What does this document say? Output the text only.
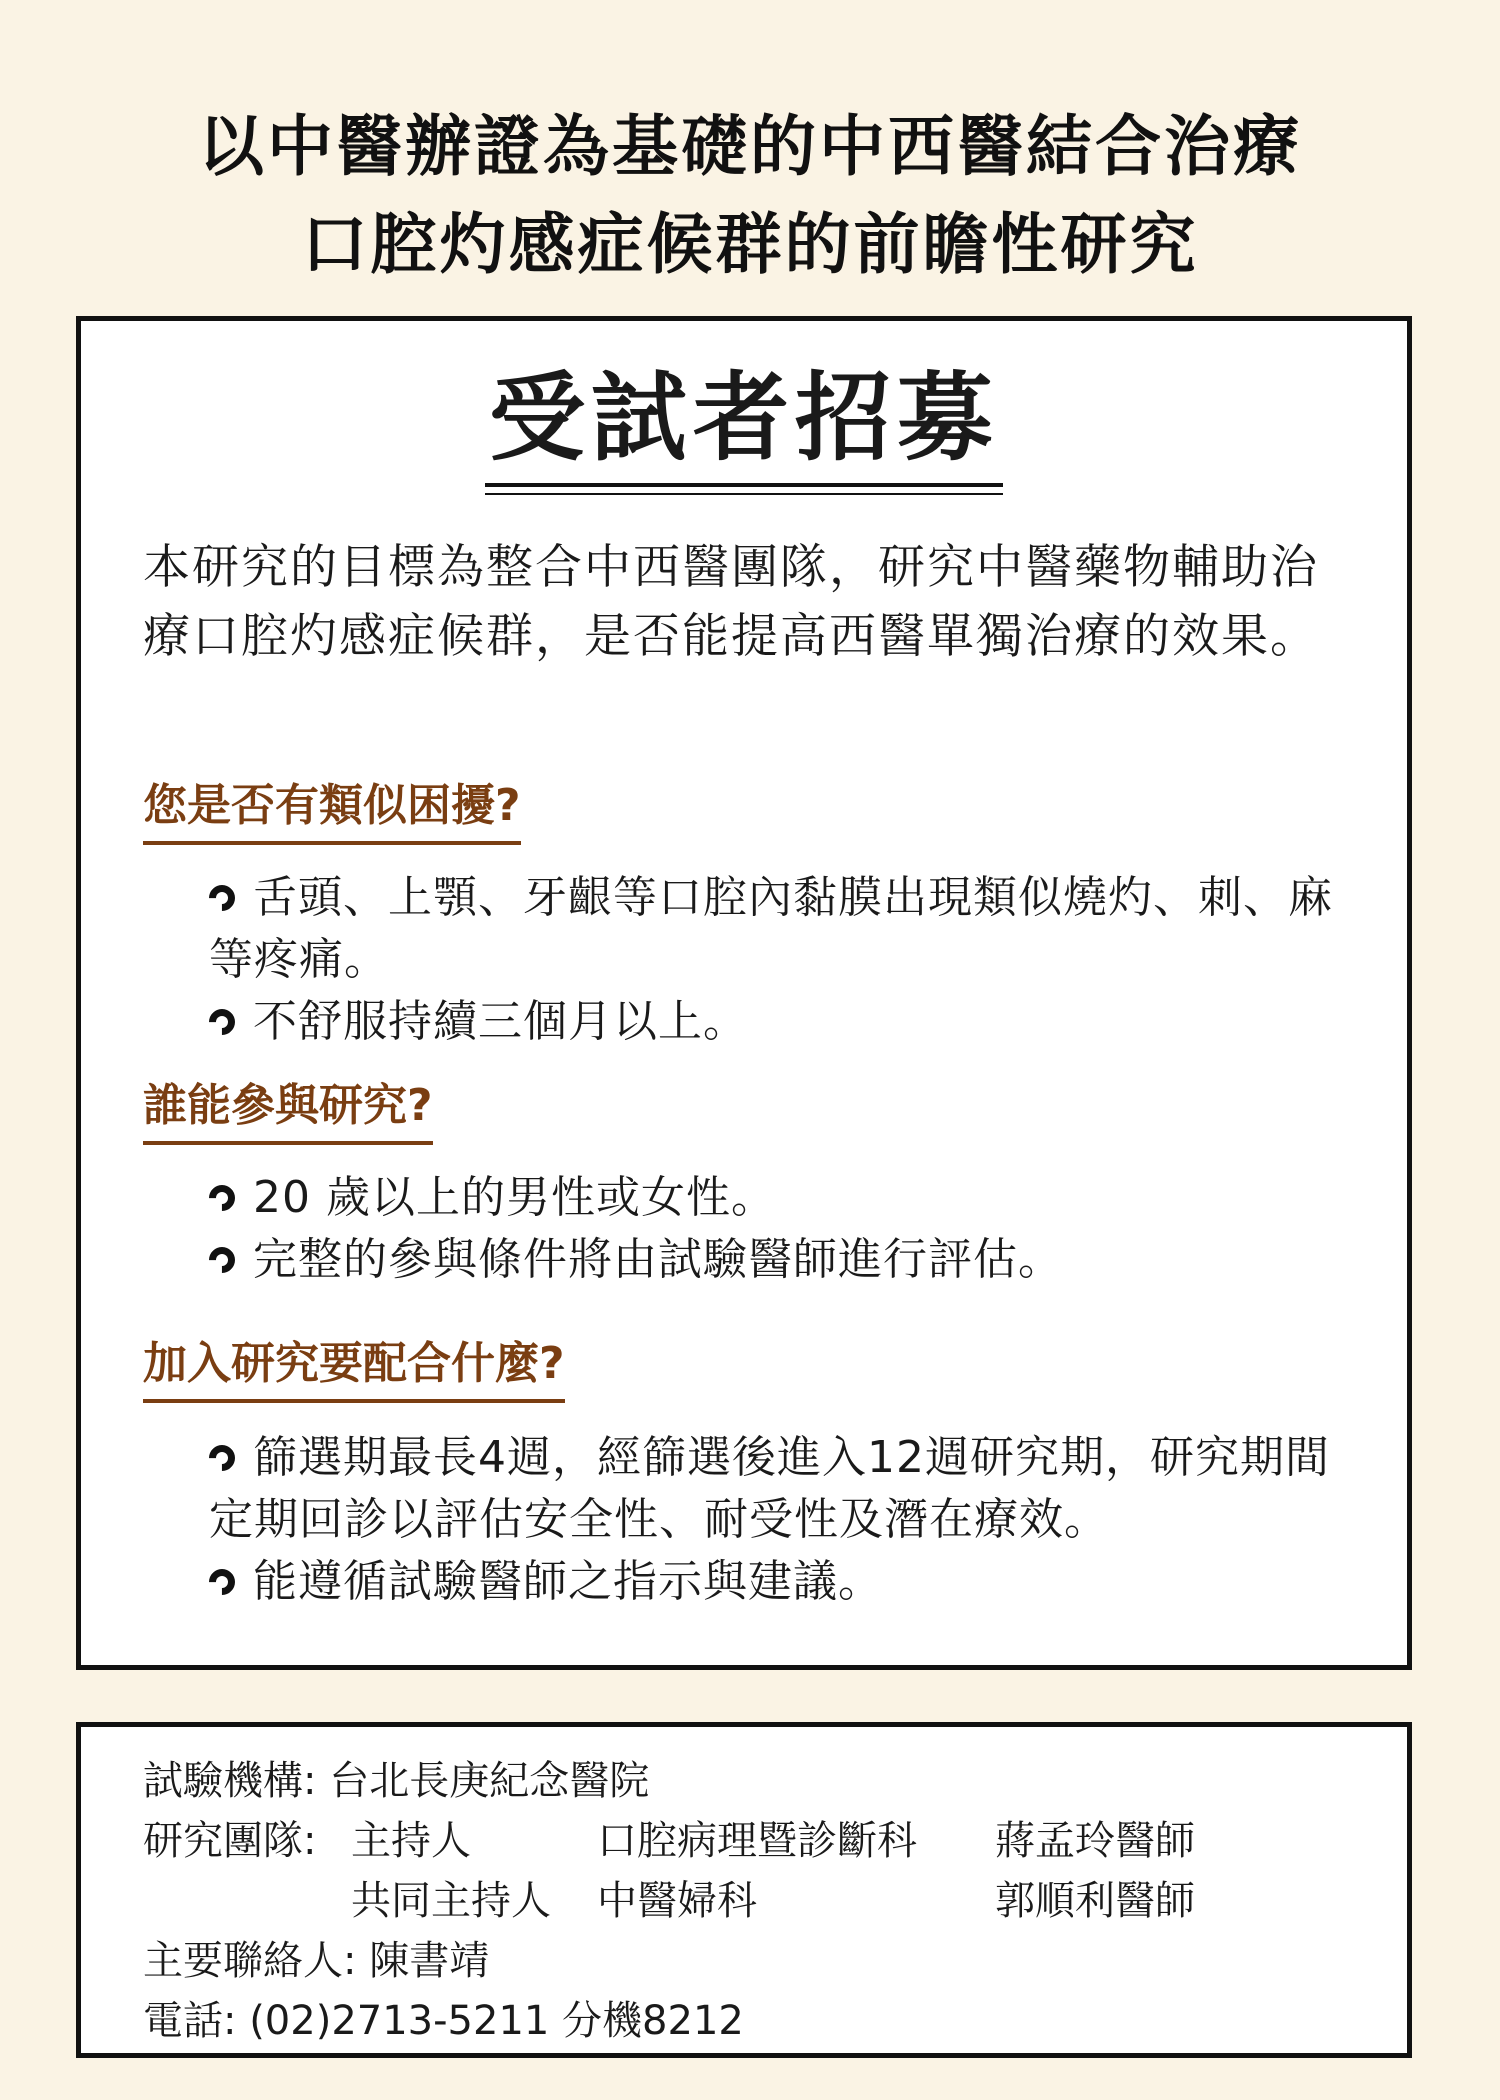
以中醫辦證為基礎的中西醫結合治療
口腔灼感症候群的前瞻性研究
受試者招募
本研究的目標為整合中西醫團隊，研究中醫藥物輔助治療口腔灼感症候群，是否能提高西醫單獨治療的效果。
您是否有類似困擾?
舌頭、上顎、牙齦等口腔內黏膜出現類似燒灼、刺、麻等疼痛。
不舒服持續三個月以上。
誰能參與研究?
20 歲以上的男性或女性。
完整的參與條件將由試驗醫師進行評估。
加入研究要配合什麼?
篩選期最長4週，經篩選後進入12週研究期，研究期間定期回診以評估安全性、耐受性及潛在療效。
能遵循試驗醫師之指示與建議。
試驗機構: 台北長庚紀念醫院
研究團隊: 主持人	口腔病理暨診斷科 蔣孟玲醫師
共同主持人 中醫婦科	郭順利醫師
主要聯絡人: 陳書靖
電話: (02)2713-5211 分機8212
